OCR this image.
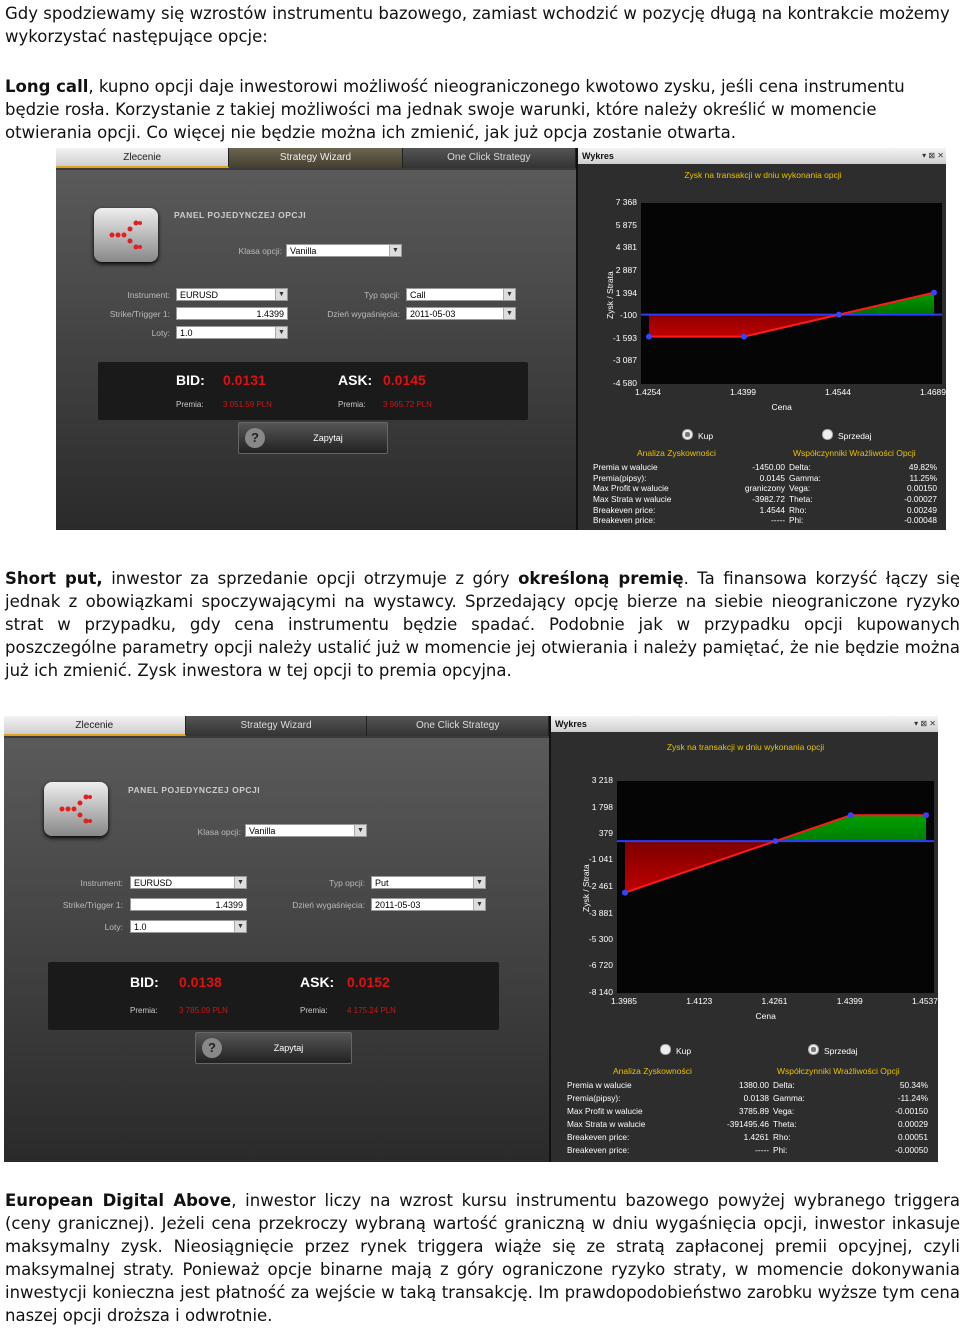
Gdy spodziewamy się wzrostów instrumentu bazowego, zamiast wchodzić w pozycję długą na kontrakcie możemy wykorzystać następujące opcje:

Long call, kupno opcji daje inwestorowi możliwość nieograniczonego kwotowo zysku, jeśli cena instrumentu będzie rosła. Korzystanie z takiej możliwości ma jednak swoje warunki, które należy określić w momencie otwierania opcji. Co więcej nie będzie można ich zmienić, jak już opcja zostanie otwarta.

Zlecenie	Strategy Wizard	One Click Strategy
PANEL POJEDYNCZEJ OPCJI
Klasa opcji: Vanilla	▼
Instrument:	EURUSD	▼
Strike/Trigger 1:	1.4399
Loty:	1.0	▼
Typ opcji:	Call	▼
Dzień wygaśnięcia:	2011-05-03	▼
BID: 0.0131	ASK: 0.0145
Premia: 3 051.59 PLN	Premia: 3 965.72 PLN
?	Zapytaj
Wykres	▾ ⊠ ✕
Zysk na transakcji w dniu wykonania opcji
7 368
5 875
4 381
2 887
1 394
-100
-1 593
-3 087
-4 580
1.4254	1.4399	1.4544	1.4689
Zysk / Strata
Cena
Kup	Sprzedaj
Analiza Zyskowności	Współczynniki Wrażliwości Opcji
Premia w walucie	-1450.00 Delta:	49.82%
Premia(pipsy):	0.0145 Gamma:	11.25%
Max Profit w walucie	graniczony Vega:	0.00150
Max Strata w walucie	-3982.72 Theta:	-0.00027
Breakeven price:	1.4544 Rho:	0.00249
Breakeven price:	----- Phi:	-0.00048

Short put, inwestor za sprzedanie opcji otrzymuje z góry określoną premię. Ta finansowa korzyść łączy się jednak z obowiązkami spoczywającymi na wystawcy. Sprzedający opcję bierze na siebie nieograniczone ryzyko strat w przypadku, gdy cena instrumentu będzie spadać. Podobnie jak w przypadku opcji kupowanych poszczególne parametry opcji należy ustalić już w momencie jej otwierania i należy pamiętać, że nie będzie można już ich zmienić. Zysk inwestora w tej opcji to premia opcyjna.

Zlecenie	Strategy Wizard	One Click Strategy
PANEL POJEDYNCZEJ OPCJI
Klasa opcji: Vanilla	▼
Instrument:	EURUSD	▼
Strike/Trigger 1:	1.4399
Loty:	1.0	▼
Typ opcji:	Put	▼
Dzień wygaśnięcia:	2011-05-03	▼
BID: 0.0138	ASK: 0.0152
Premia:	3 785.09 PLN	Premia: 4 175.24 PLN
?	Zapytaj
Wykres	▾ ⊠ ✕
Zysk na transakcji w dniu wykonania opcji
3 218
1 798
379
-1 041
-2 461
-3 881
-5 300
-6 720
-8 140
1.3985	1.4123	1.4261	1.4399	1.4537
Zysk / Strata
Cena
Kup	Sprzedaj
Analiza Zyskowności	Współczynniki Wrażliwości Opcji
Premia w walucie	1380.00 Delta:	50.34%
Premia(pipsy):	0.0138 Gamma:	-11.24%
Max Profit w walucie	3785.89 Vega:	-0.00150
Max Strata w walucie	-391495.46 Theta:	0.00029
Breakeven price:	1.4261 Rho:	0.00051
Breakeven price:	----- Phi:	-0.00050

European Digital Above, inwestor liczy na wzrost kursu instrumentu bazowego powyżej wybranego triggera (ceny granicznej). Jeżeli cena przekroczy wybraną wartość graniczną w dniu wygaśnięcia opcji, inwestor inkasuje maksymalny zysk. Nieosiągnięcie przez rynek triggera wiąże się ze stratą zapłaconej premii opcyjnej, czyli maksymalnej straty. Ponieważ opcje binarne mają z góry ograniczone ryzyko straty, w momencie dokonywania inwestycji konieczna jest płatność za wejście w taką transakcję. Im prawdopodobieństwo zarobku wyższe tym cena naszej opcji droższa i odwrotnie.
